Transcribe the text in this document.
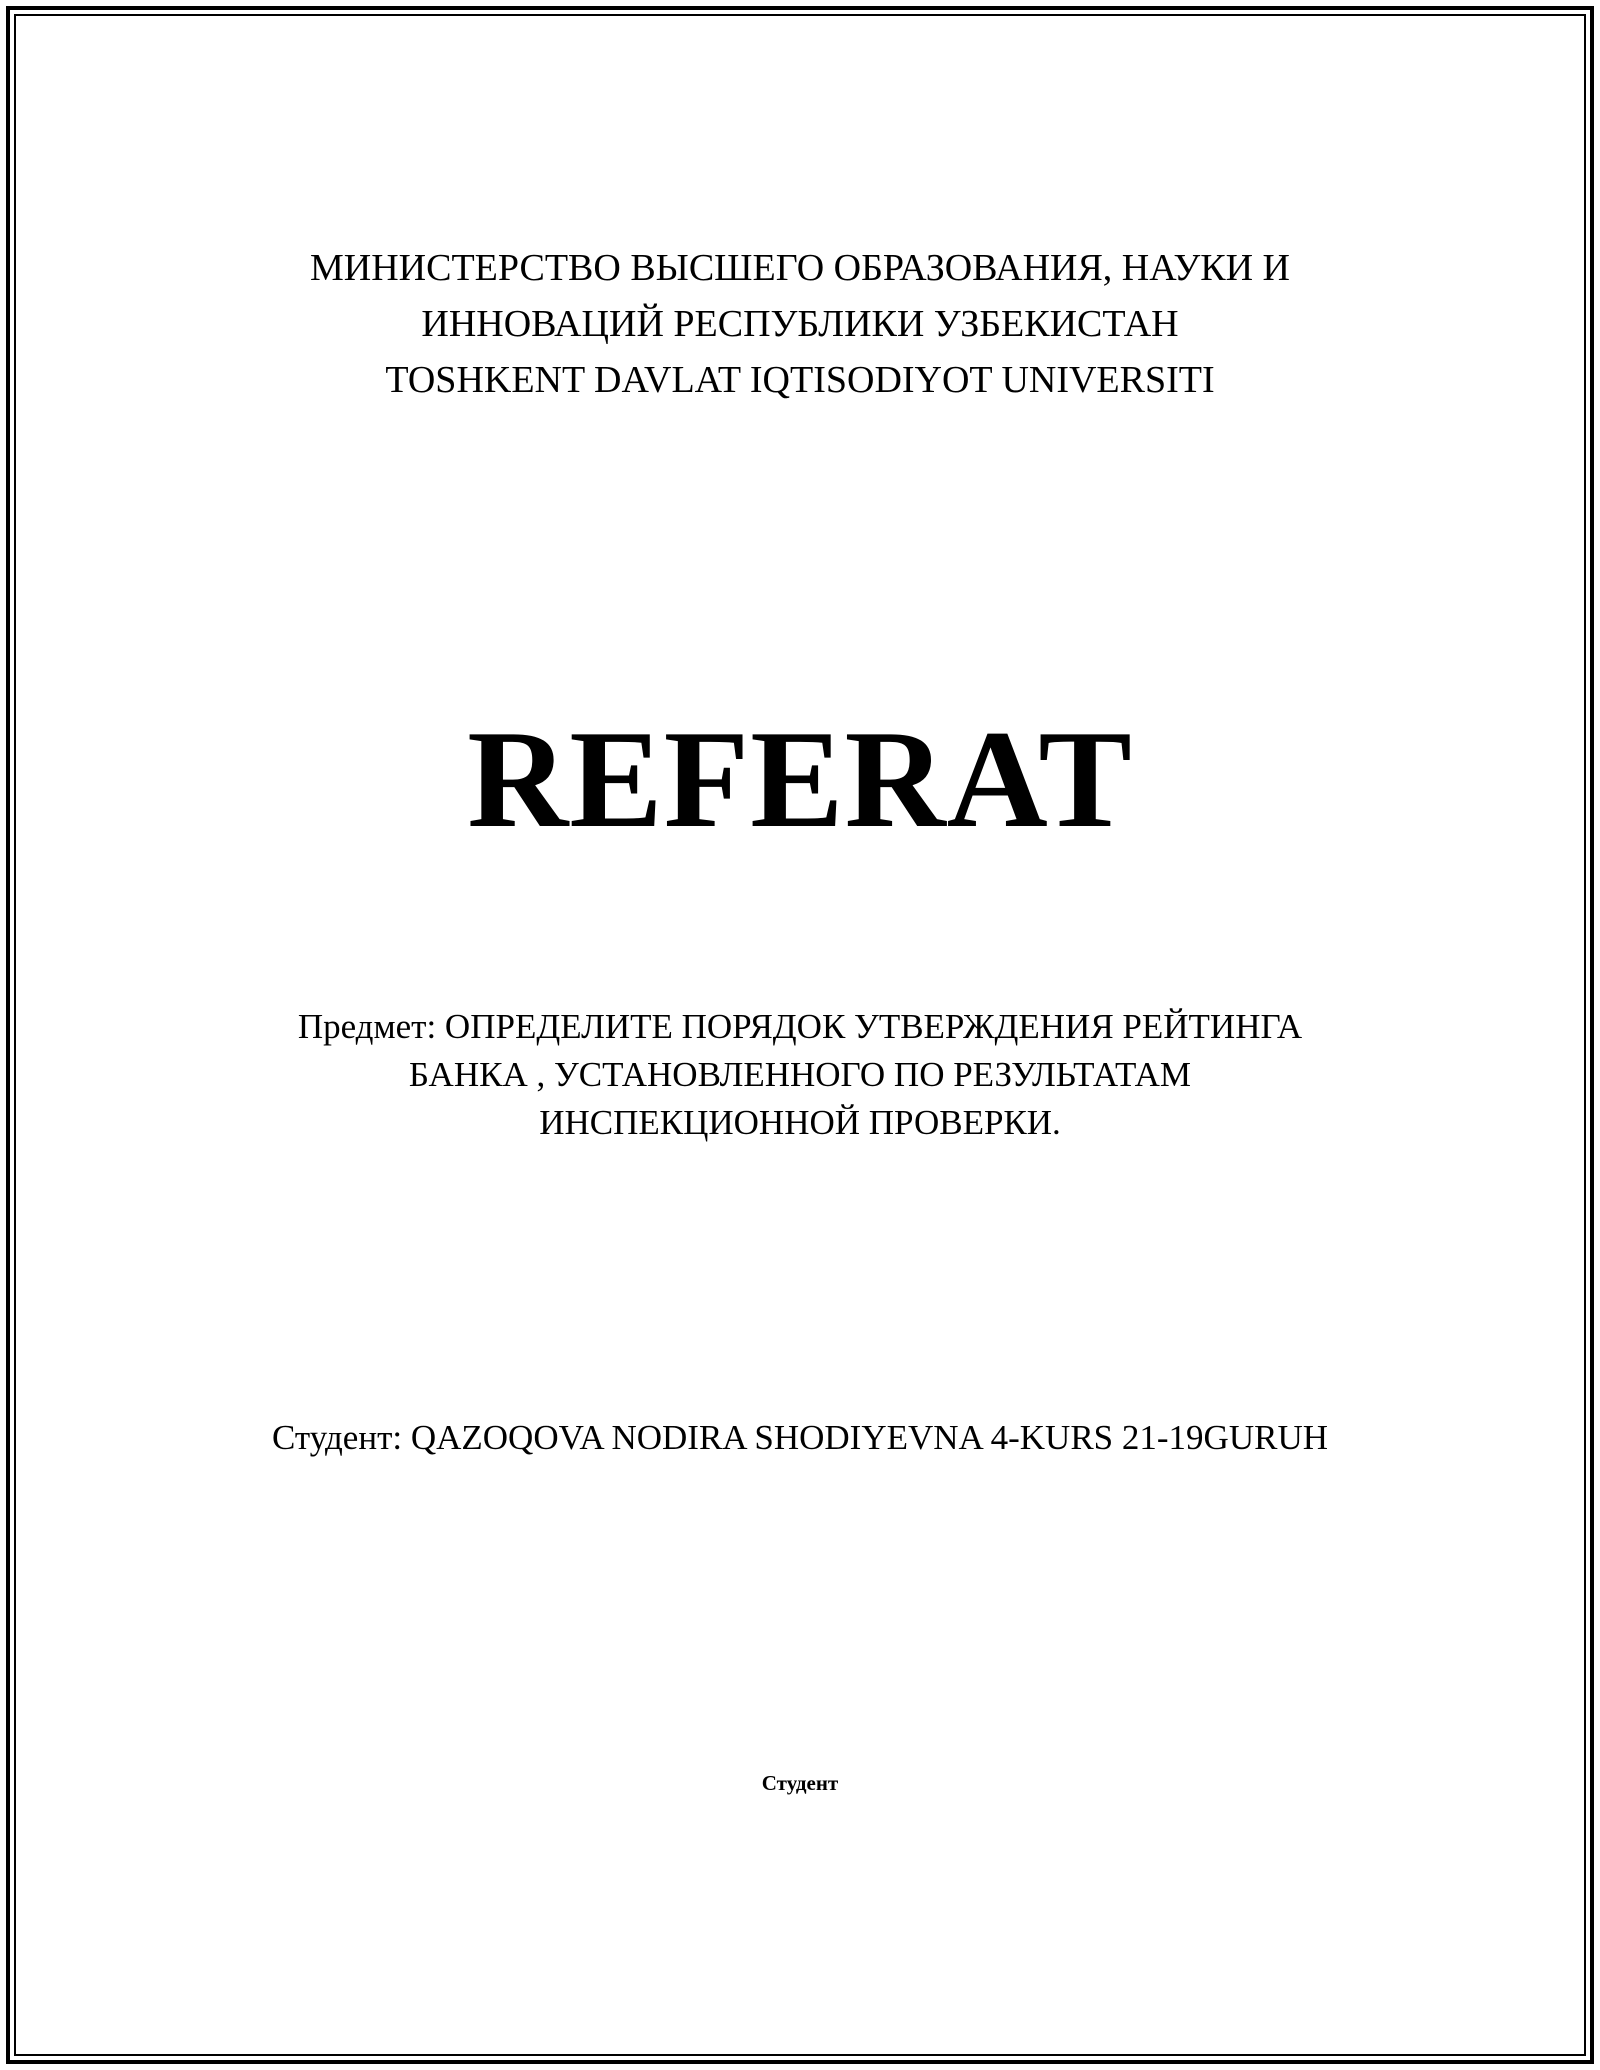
МИНИСТЕРСТВО ВЫСШЕГО ОБРАЗОВАНИЯ, НАУКИ И
ИННОВАЦИЙ РЕСПУБЛИКИ УЗБЕКИСТАН
TOSHKENT DAVLAT IQTISODIYOT UNIVERSITI
REFERAT
Предмет: ОПРЕДЕЛИТЕ ПОРЯДОК УТВЕРЖДЕНИЯ РЕЙТИНГА
БАНКА , УСТАНОВЛЕННОГО ПО РЕЗУЛЬТАТАМ
ИНСПЕКЦИОННОЙ ПРОВЕРКИ.
Студент: QAZOQOVA NODIRA SHODIYEVNA 4-KURS 21-19GURUH
Студент
